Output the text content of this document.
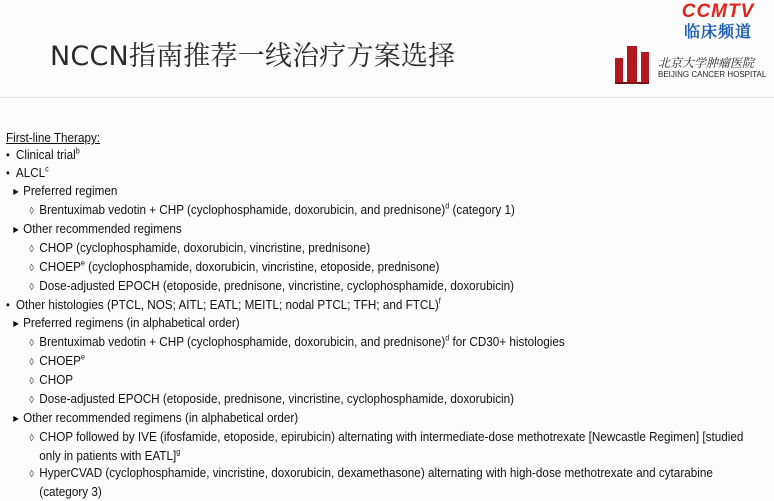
NCCN指南推荐一线治疗方案选择
CCMTV
临床频道
北京大学肿瘤医院
BEIJING CANCER HOSPITAL
First-line Therapy:
• Clinical trial$^b$
• ALCL$^c$
▶ Preferred regimen
◊ Brentuximab vedotin + CHP (cyclophosphamide, doxorubicin, and prednisone)$^d$ (category 1)
▶ Other recommended regimens
◊ CHOP (cyclophosphamide, doxorubicin, vincristine, prednisone)
◊ CHOEP$^e$ (cyclophosphamide, doxorubicin, vincristine, etoposide, prednisone)
◊ Dose-adjusted EPOCH (etoposide, prednisone, vincristine, cyclophosphamide, doxorubicin)
• Other histologies (PTCL, NOS; AITL; EATL; MEITL; nodal PTCL; TFH; and FTCL)$^f$
▶ Preferred regimens (in alphabetical order)
◊ Brentuximab vedotin + CHP (cyclophosphamide, doxorubicin, and prednisone)$^d$ for CD30+ histologies
◊ CHOEP$^e$
◊ CHOP
◊ Dose-adjusted EPOCH (etoposide, prednisone, vincristine, cyclophosphamide, doxorubicin)
▶ Other recommended regimens (in alphabetical order)
◊ CHOP followed by IVE (ifosfamide, etoposide, epirubicin) alternating with intermediate-dose methotrexate [Newcastle Regimen] [studied
only in patients with EATL]$^g$
◊ HyperCVAD (cyclophosphamide, vincristine, doxorubicin, dexamethasone) alternating with high-dose methotrexate and cytarabine
(category 3)
